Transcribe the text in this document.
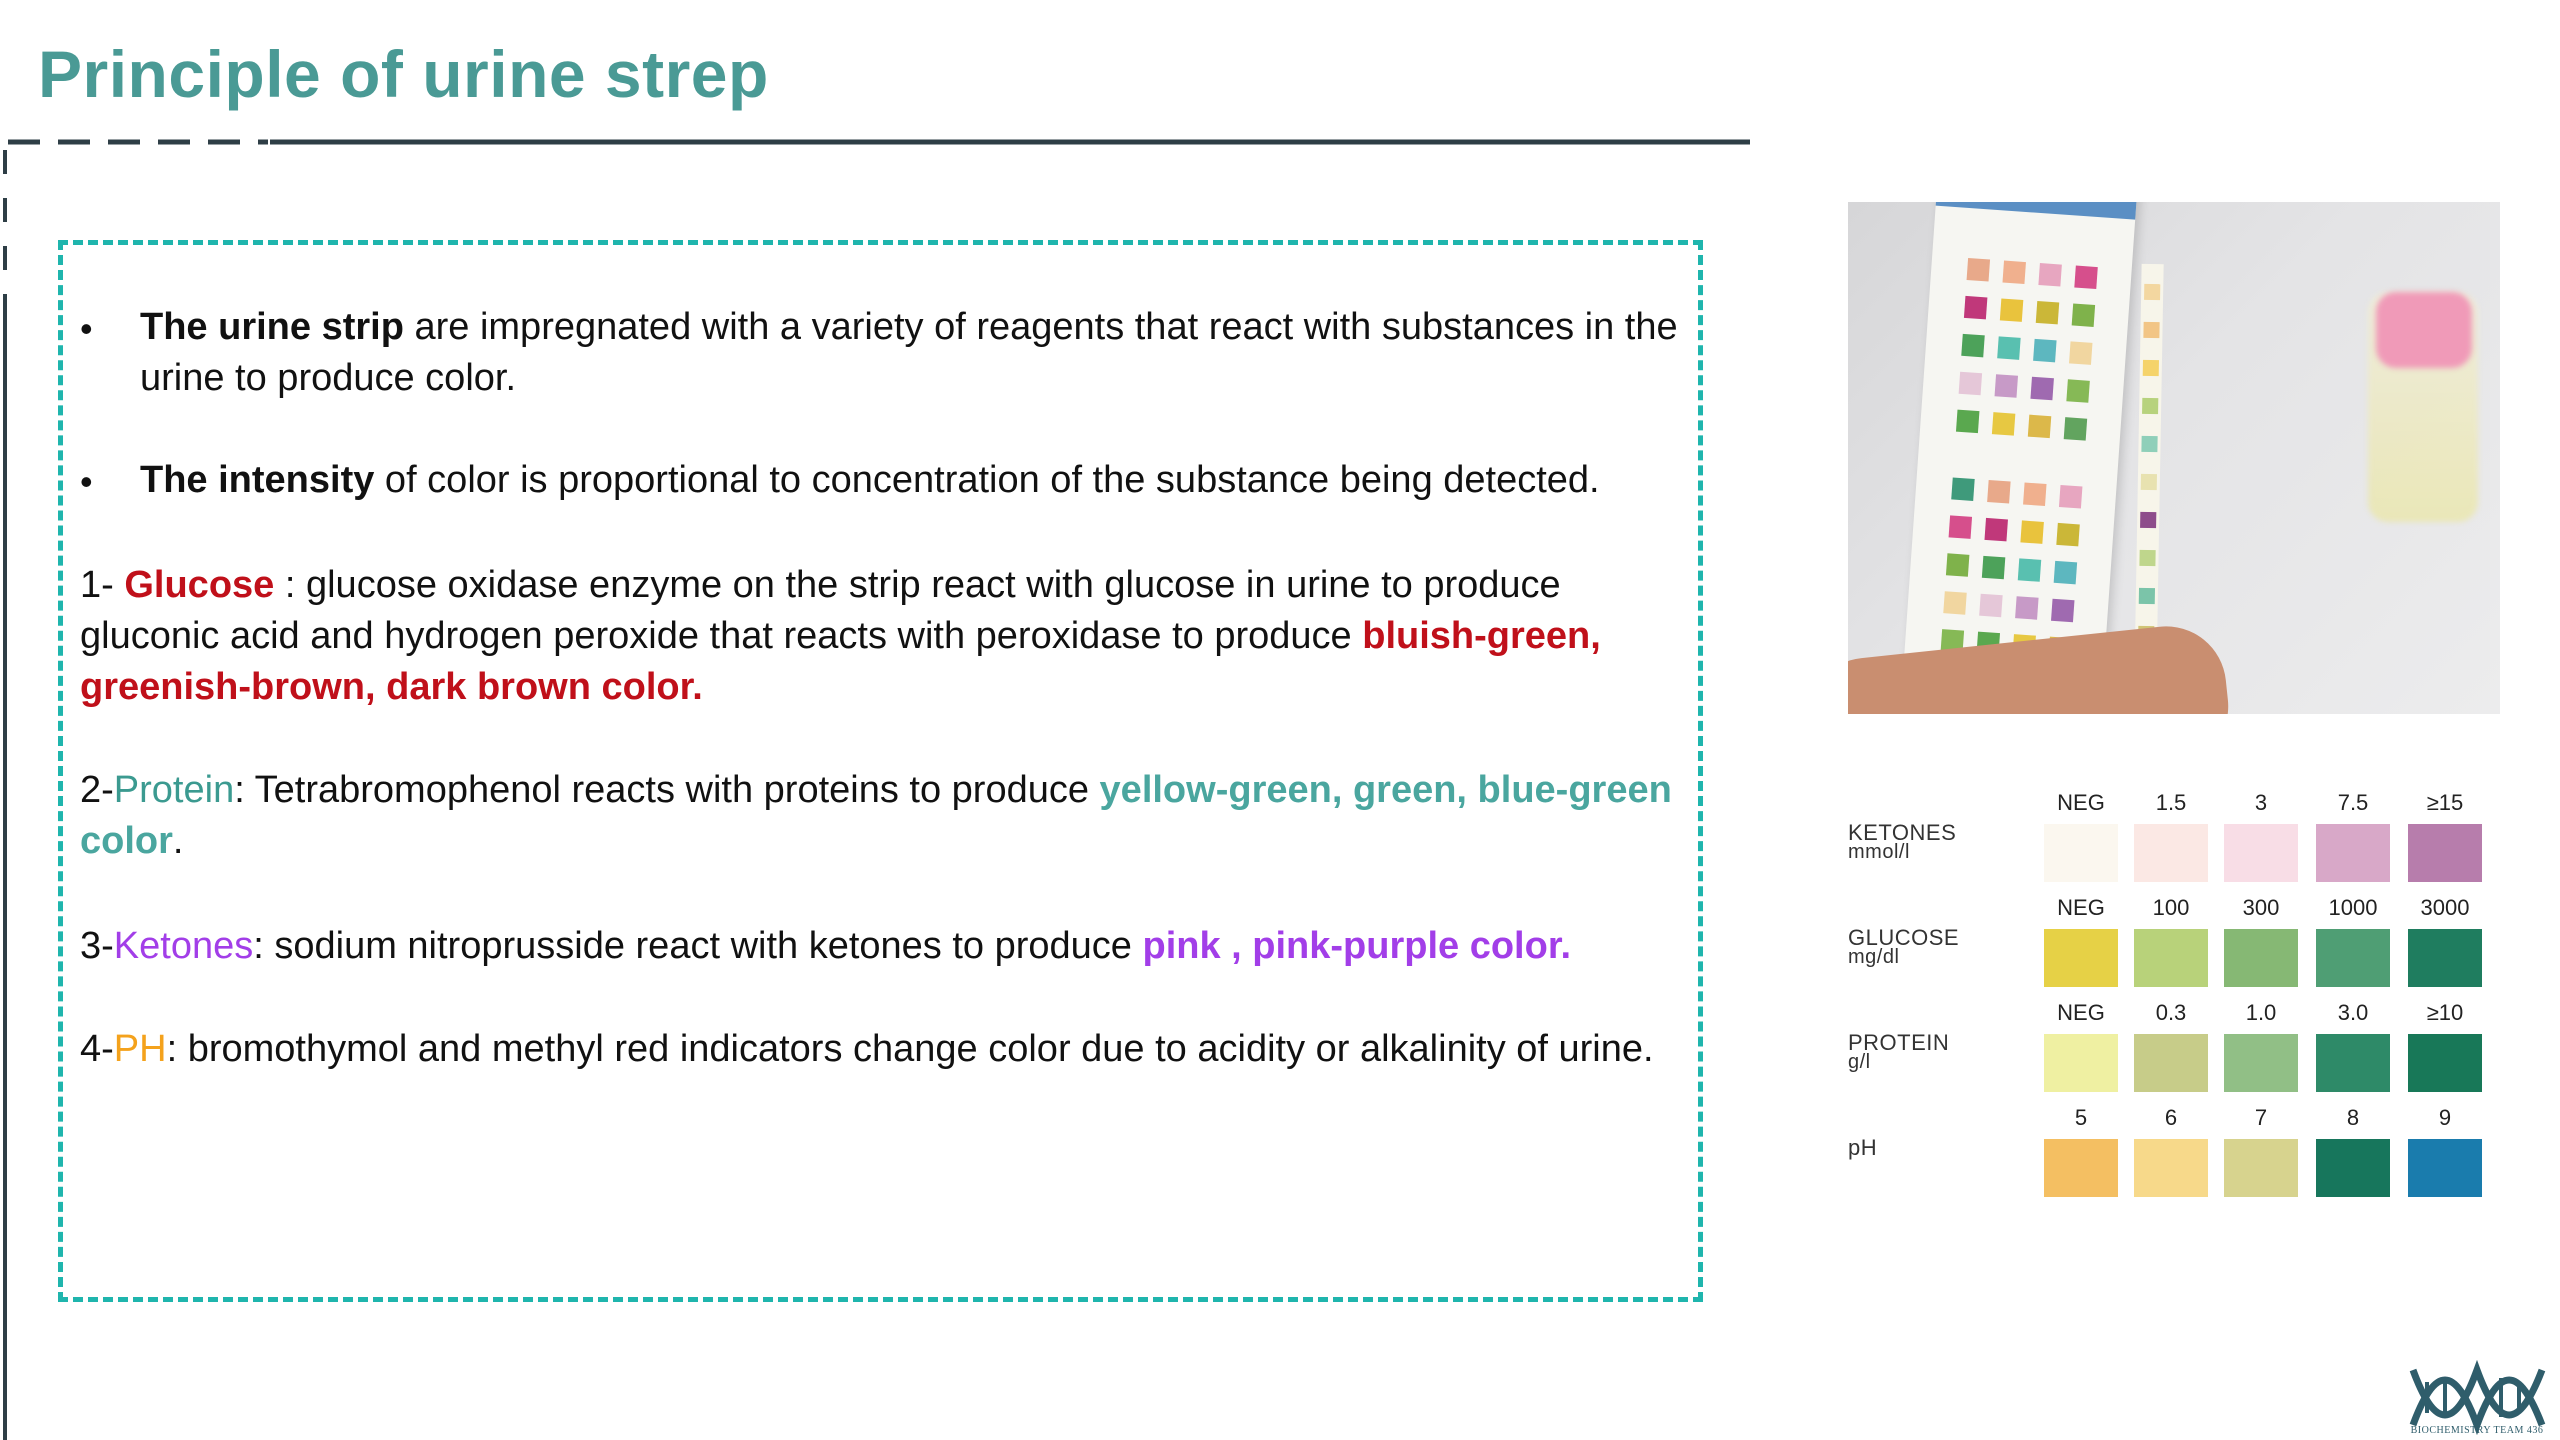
Principle of urine strep
• The urine strip are impregnated with a variety of reagents that react with substances in the urine to produce color.
• The intensity of color is proportional to concentration of the substance being detected.
1- Glucose : glucose oxidase enzyme on the strip react with glucose in urine to produce gluconic acid and hydrogen peroxide that reacts with peroxidase to produce bluish-green, greenish-brown, dark brown color.
2-Protein: Tetrabromophenol reacts with proteins to produce yellow-green, green, blue-green color.
3-Ketones: sodium nitroprusside react with ketones to produce pink , pink-purple color.
4-PH: bromothymol and methyl red indicators change color due to acidity or alkalinity of urine.
KETONES
mmol/l
NEG	1.5	3	7.5	≥15
GLUCOSE
mg/dl
NEG	100	300	1000	3000
PROTEIN
g/l
NEG	0.3	1.0	3.0	≥10
pH
5	6	7	8	9
BIOCHEMISTRY TEAM 436
